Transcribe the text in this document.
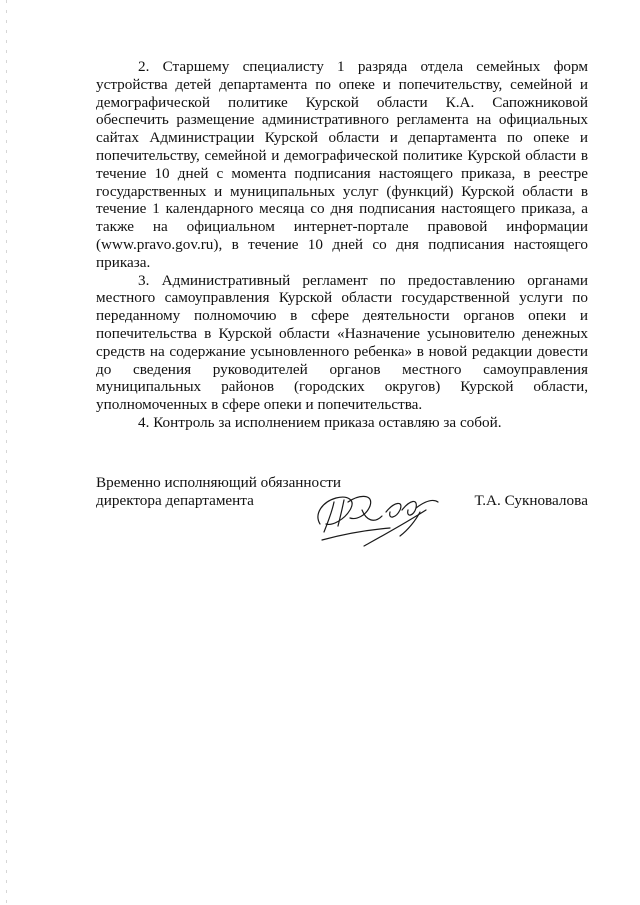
2. Старшему специалисту 1 разряда отдела семейных форм устройства детей департамента по опеке и попечительству, семейной и демографической политике Курской области К.А. Сапожниковой обеспечить размещение административного регламента на официальных сайтах Администрации Курской области и департамента по опеке и попечительству, семейной и демографической политике Курской области в течение 10 дней с момента подписания настоящего приказа, в реестре государственных и муниципальных услуг (функций) Курской области в течение 1 календарного месяца со дня подписания настоящего приказа, а также на официальном интернет-портале правовой информации (www.pravo.gov.ru), в течение 10 дней со дня подписания настоящего приказа.

3. Административный регламент по предоставлению органами местного самоуправления Курской области государственной услуги по переданному полномочию в сфере деятельности органов опеки и попечительства в Курской области «Назначение усыновителю денежных средств на содержание усыновленного ребенка» в новой редакции довести до сведения руководителей органов местного самоуправления муниципальных районов (городских округов) Курской области, уполномоченных в сфере опеки и попечительства.

4. Контроль за исполнением приказа оставляю за собой.

Временно исполняющий обязанности
директора департамента	Т.А. Сукноваловa
